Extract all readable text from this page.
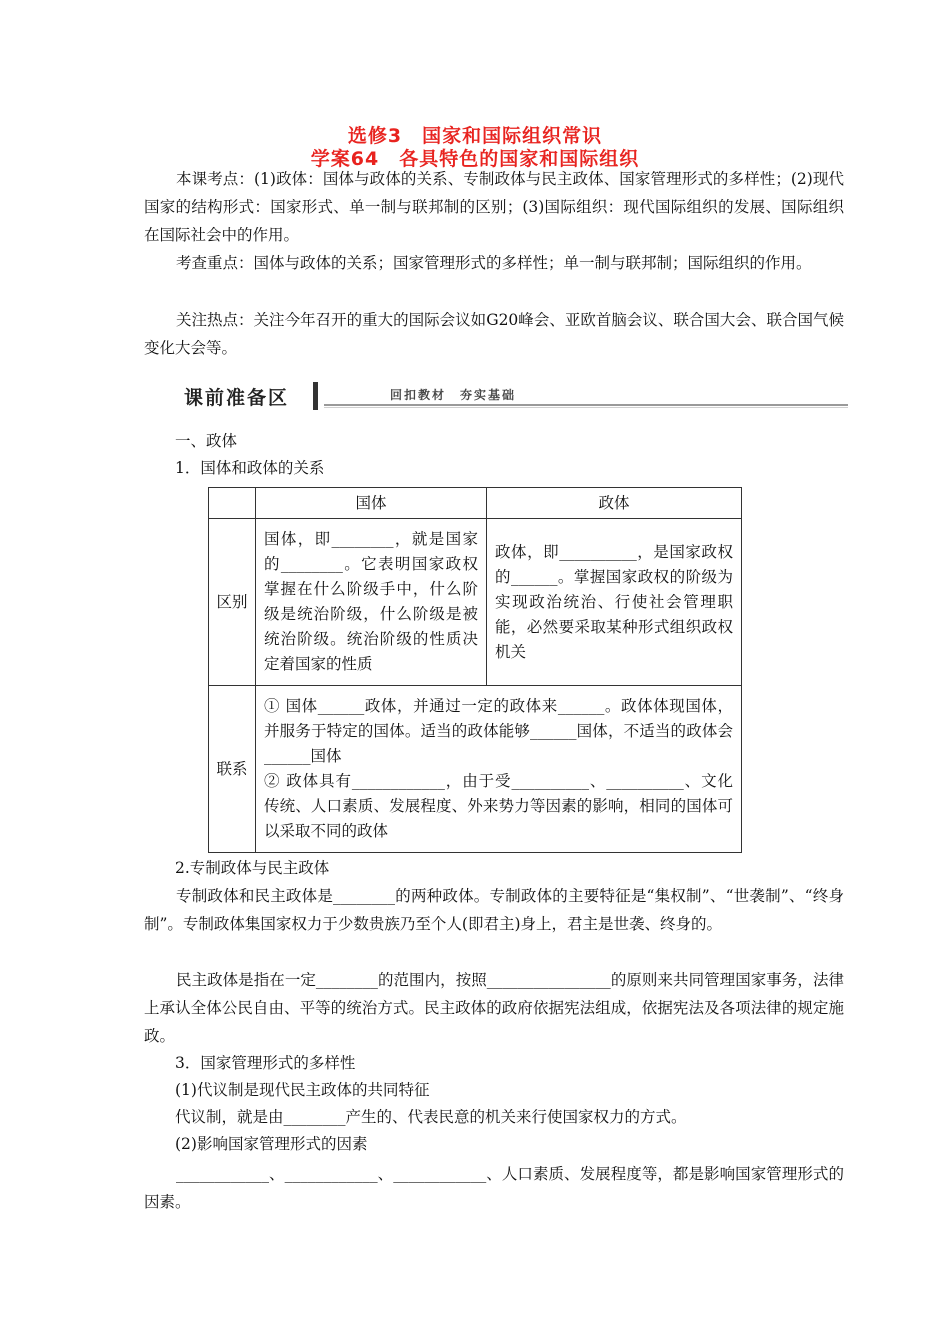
选修3　国家和国际组织常识
学案64　各具特色的国家和国际组织
本课考点：(1)政体：国体与政体的关系、专制政体与民主政体、国家管理形式的多样性；(2)现代国家的结构形式：国家形式、单一制与联邦制的区别；(3)国际组织：现代国际组织的发展、国际组织在国际社会中的作用。
考查重点：国体与政体的关系；国家管理形式的多样性；单一制与联邦制；国际组织的作用。
关注热点：关注今年召开的重大的国际会议如G20峰会、亚欧首脑会议、联合国大会、联合国气候变化大会等。
课前准备区	回扣教材　夯实基础
一、政体
1．国体和政体的关系
	国体	政体
区别	国体，即________，就是国家的________。它表明国家政权掌握在什么阶级手中，什么阶级是统治阶级，什么阶级是被统治阶级。统治阶级的性质决定着国家的性质	政体，即__________，是国家政权的______。掌握国家政权的阶级为实现政治统治、行使社会管理职能，必然要采取某种形式组织政权机关
联系	① 国体______政体，并通过一定的政体来______。政体体现国体，并服务于特定的国体。适当的政体能够______国体，不适当的政体会______国体
② 政体具有____________，由于受__________、__________、文化传统、人口素质、发展程度、外来势力等因素的影响，相同的国体可以采取不同的政体	
2.专制政体与民主政体
专制政体和民主政体是________的两种政体。专制政体的主要特征是“集权制”、“世袭制”、“终身制”。专制政体集国家权力于少数贵族乃至个人(即君主)身上，君主是世袭、终身的。
民主政体是指在一定________的范围内，按照________________的原则来共同管理国家事务，法律上承认全体公民自由、平等的统治方式。民主政体的政府依据宪法组成，依据宪法及各项法律的规定施政。
3．国家管理形式的多样性
(1)代议制是现代民主政体的共同特征
代议制，就是由________产生的、代表民意的机关来行使国家权力的方式。
(2)影响国家管理形式的因素
____________、____________、____________、人口素质、发展程度等，都是影响国家管理形式的因素。
